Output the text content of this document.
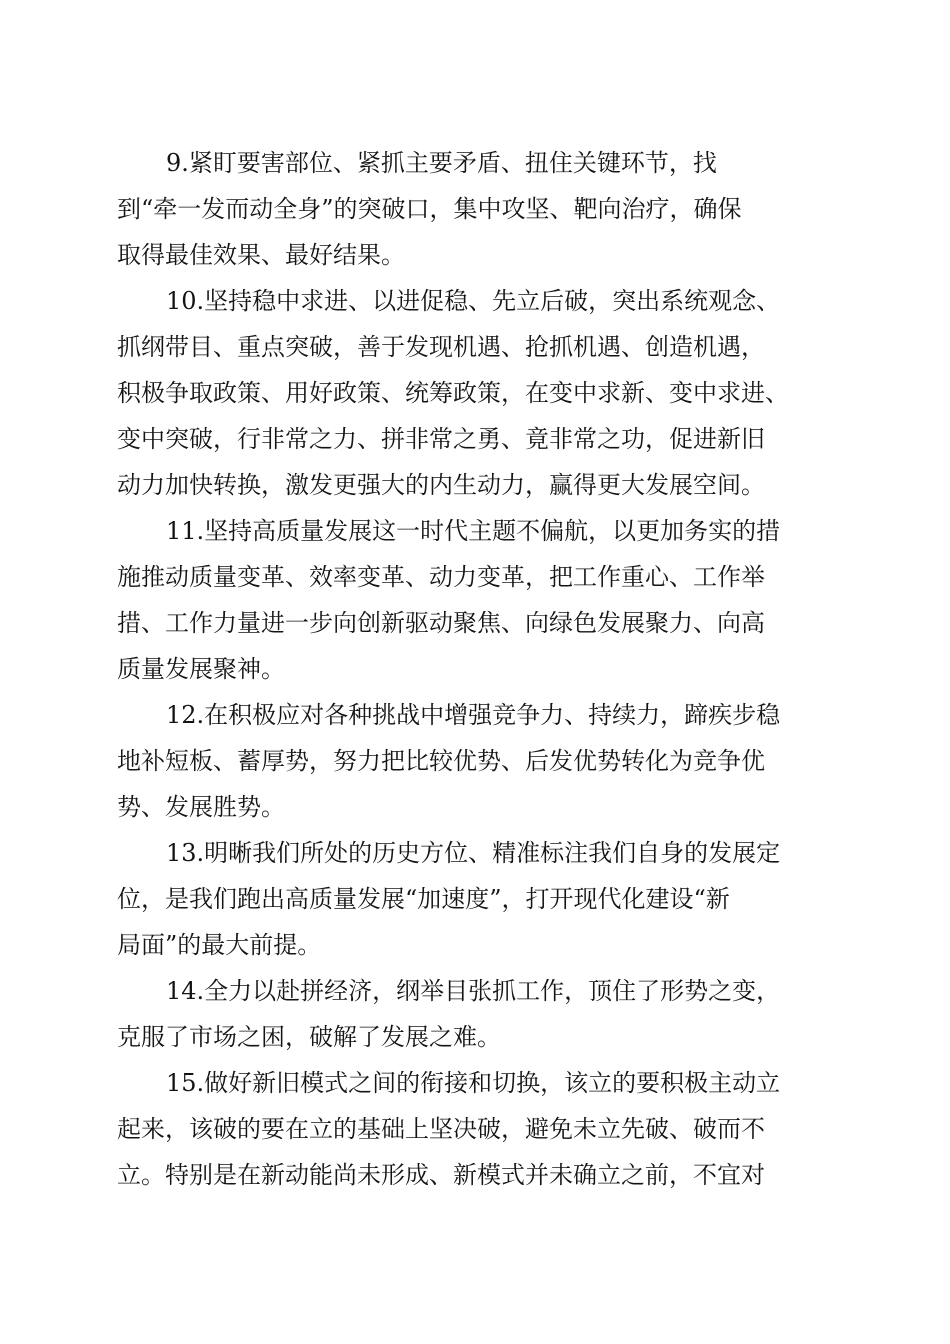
9.紧盯要害部位、紧抓主要矛盾、扭住关键环节，找

到“牵一发而动全身”的突破口，集中攻坚、靶向治疗，确保

取得最佳效果、最好结果。

10.坚持稳中求进、以进促稳、先立后破，突出系统观念、

抓纲带目、重点突破，善于发现机遇、抢抓机遇、创造机遇，

积极争取政策、用好政策、统筹政策，在变中求新、变中求进、

变中突破，行非常之力、拼非常之勇、竟非常之功，促进新旧

动力加快转换，激发更强大的内生动力，赢得更大发展空间。

11.坚持高质量发展这一时代主题不偏航，以更加务实的措

施推动质量变革、效率变革、动力变革，把工作重心、工作举

措、工作力量进一步向创新驱动聚焦、向绿色发展聚力、向高

质量发展聚神。

12.在积极应对各种挑战中增强竞争力、持续力，蹄疾步稳

地补短板、蓄厚势，努力把比较优势、后发优势转化为竞争优

势、发展胜势。

13.明晰我们所处的历史方位、精准标注我们自身的发展定

位，是我们跑出高质量发展“加速度”，打开现代化建设“新

局面”的最大前提。

14.全力以赴拼经济，纲举目张抓工作，顶住了形势之变，

克服了市场之困，破解了发展之难。

15.做好新旧模式之间的衔接和切换，该立的要积极主动立

起来，该破的要在立的基础上坚决破，避免未立先破、破而不

立。特别是在新动能尚未形成、新模式并未确立之前，不宜对
